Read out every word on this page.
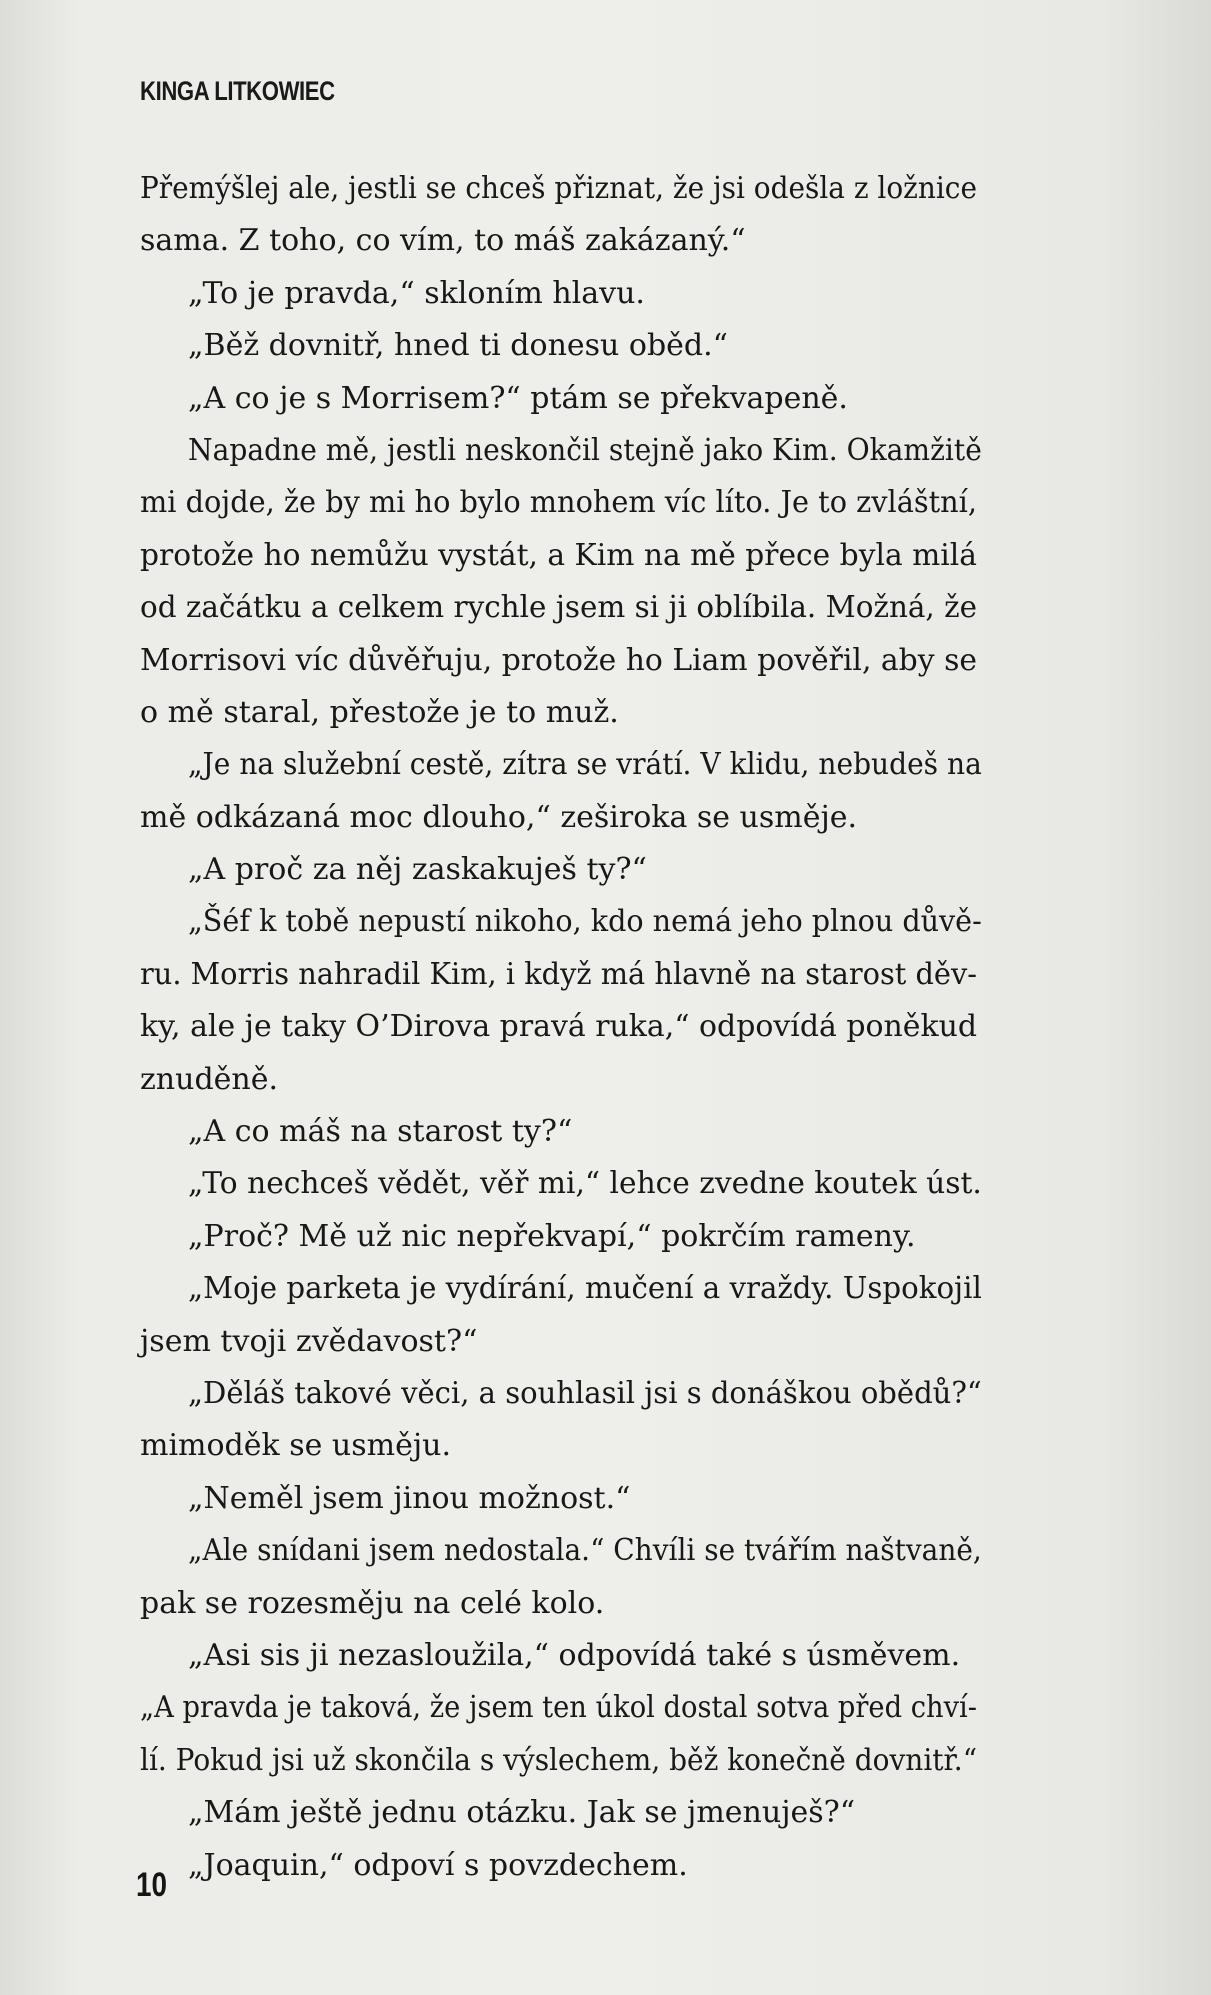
KINGA LITKOWIEC
Přemýšlej ale, jestli se chceš přiznat, že jsi odešla z ložnice
sama. Z toho, co vím, to máš zakázaný.“
„To je pravda,“ skloním hlavu.
„Běž dovnitř, hned ti donesu oběd.“
„A co je s Morrisem?“ ptám se překvapeně.
Napadne mě, jestli neskončil stejně jako Kim. Okamžitě
mi dojde, že by mi ho bylo mnohem víc líto. Je to zvláštní,
protože ho nemůžu vystát, a Kim na mě přece byla milá
od začátku a celkem rychle jsem si ji oblíbila. Možná, že
Morrisovi víc důvěřuju, protože ho Liam pověřil, aby se
o mě staral, přestože je to muž.
„Je na služební cestě, zítra se vrátí. V klidu, nebudeš na
mě odkázaná moc dlouho,“ zeširoka se usměje.
„A proč za něj zaskakuješ ty?“
„Šéf k tobě nepustí nikoho, kdo nemá jeho plnou důvě-
ru. Morris nahradil Kim, i když má hlavně na starost děv-
ky, ale je taky O’Dirova pravá ruka,“ odpovídá poněkud
znuděně.
„A co máš na starost ty?“
„To nechceš vědět, věř mi,“ lehce zvedne koutek úst.
„Proč? Mě už nic nepřekvapí,“ pokrčím rameny.
„Moje parketa je vydírání, mučení a vraždy. Uspokojil
jsem tvoji zvědavost?“
„Děláš takové věci, a souhlasil jsi s donáškou obědů?“
mimoděk se usměju.
„Neměl jsem jinou možnost.“
„Ale snídani jsem nedostala.“ Chvíli se tvářím naštvaně,
pak se rozesměju na celé kolo.
„Asi sis ji nezasloužila,“ odpovídá také s úsměvem.
„A pravda je taková, že jsem ten úkol dostal sotva před chví-
lí. Pokud jsi už skončila s výslechem, běž konečně dovnitř.“
„Mám ještě jednu otázku. Jak se jmenuješ?“
„Joaquin,“ odpoví s povzdechem.
10
